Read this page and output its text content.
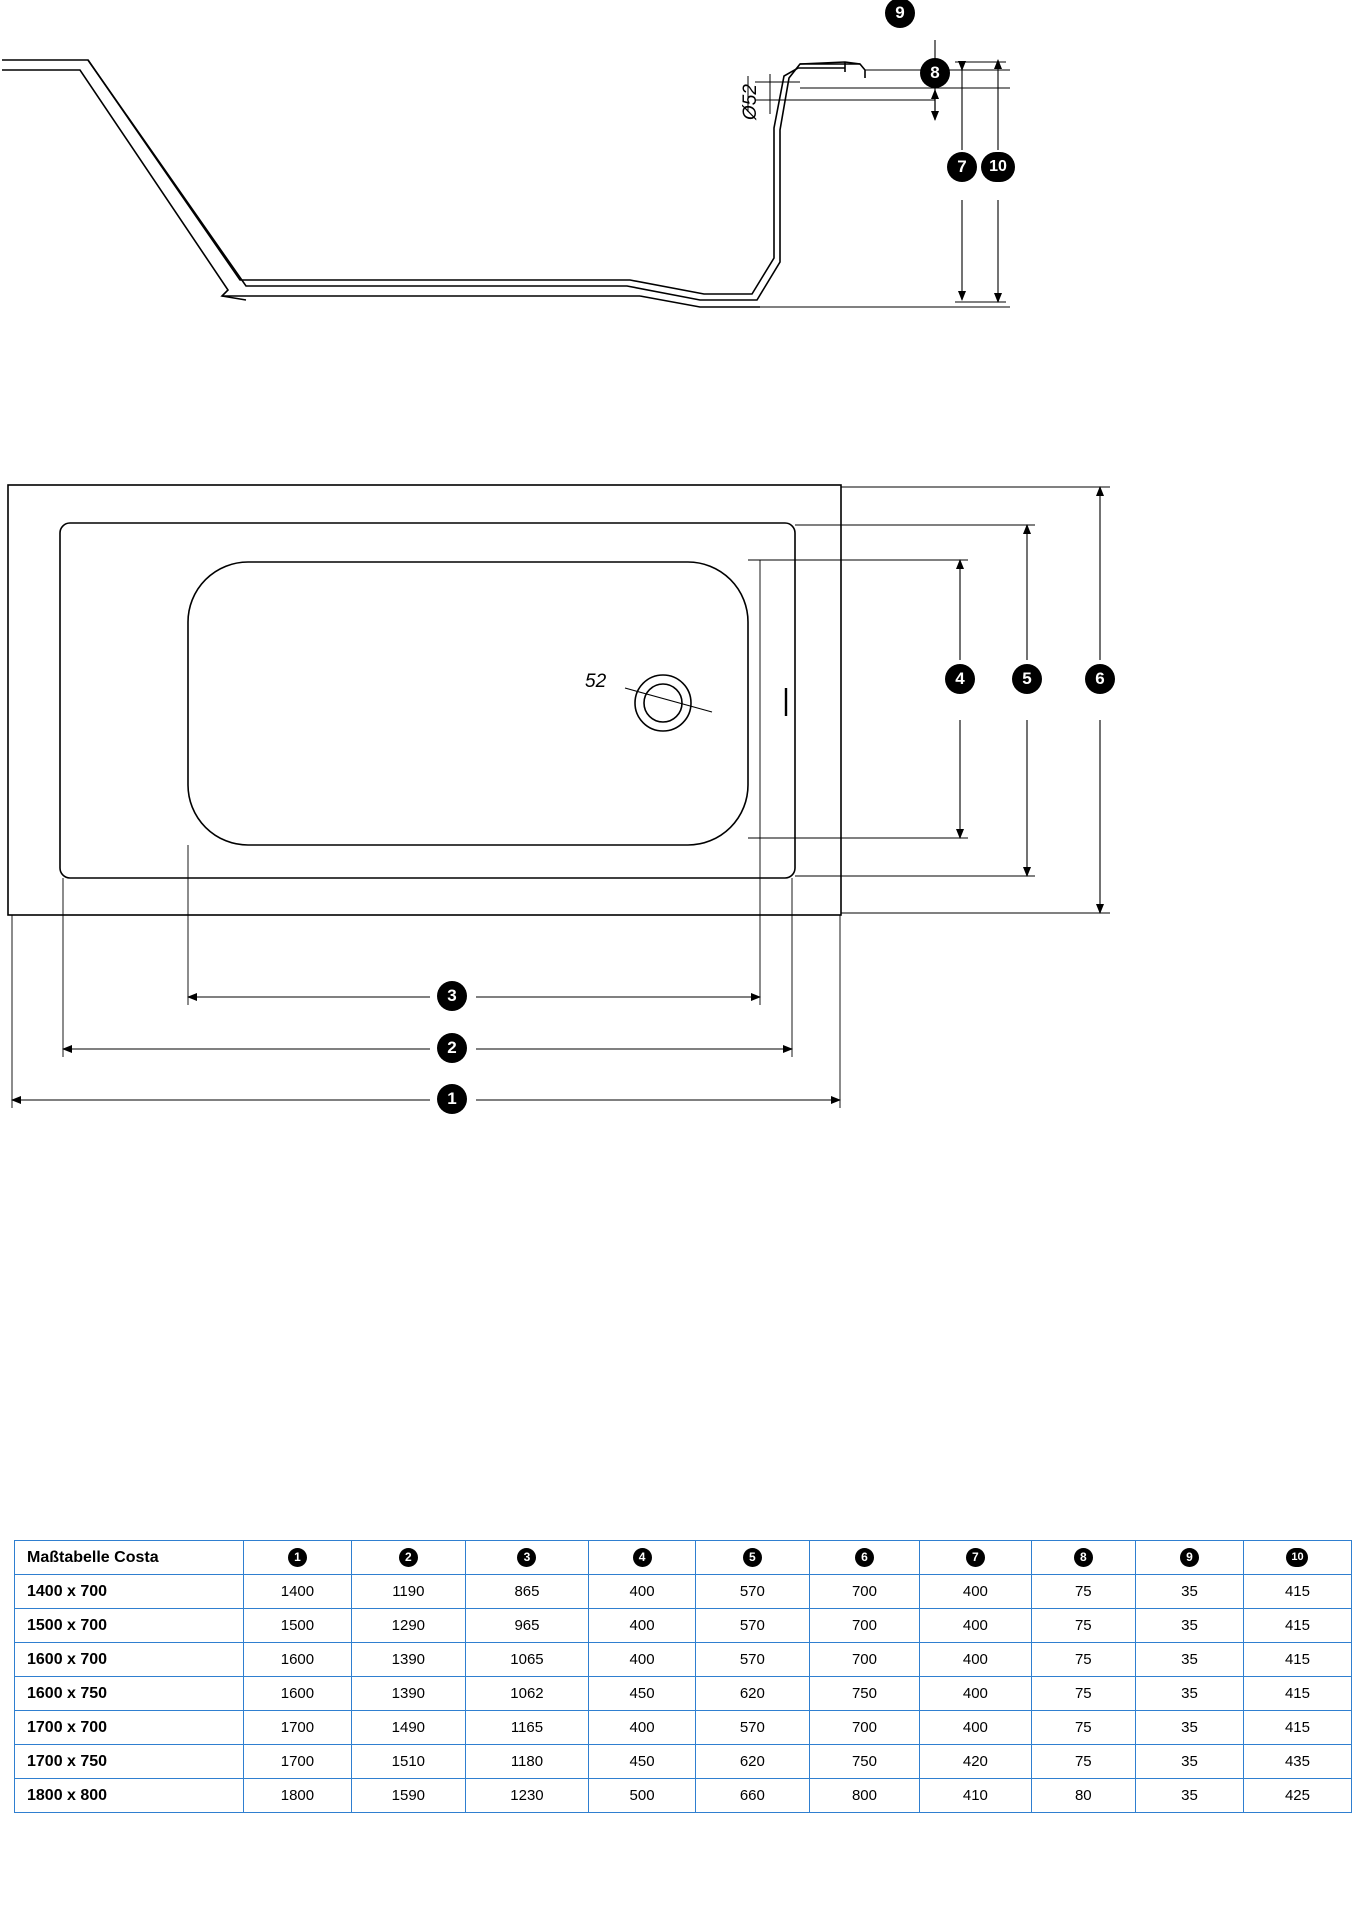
Ø52
9
8
7	10
52	4	5	6
3
2
1
Maßtabelle Costa	1	2	3	4	5	6	7	8	9	10
1400 x 700	1400	1190	865	400	570	700	400	75	35	415
1500 x 700	1500	1290	965	400	570	700	400	75	35	415
1600 x 700	1600	1390	1065	400	570	700	400	75	35	415
1600 x 750	1600	1390	1062	450	620	750	400	75	35	415
1700 x 700	1700	1490	1165	400	570	700	400	75	35	415
1700 x 750	1700	1510	1180	450	620	750	420	75	35	435
1800 x 800	1800	1590	1230	500	660	800	410	80	35	425
